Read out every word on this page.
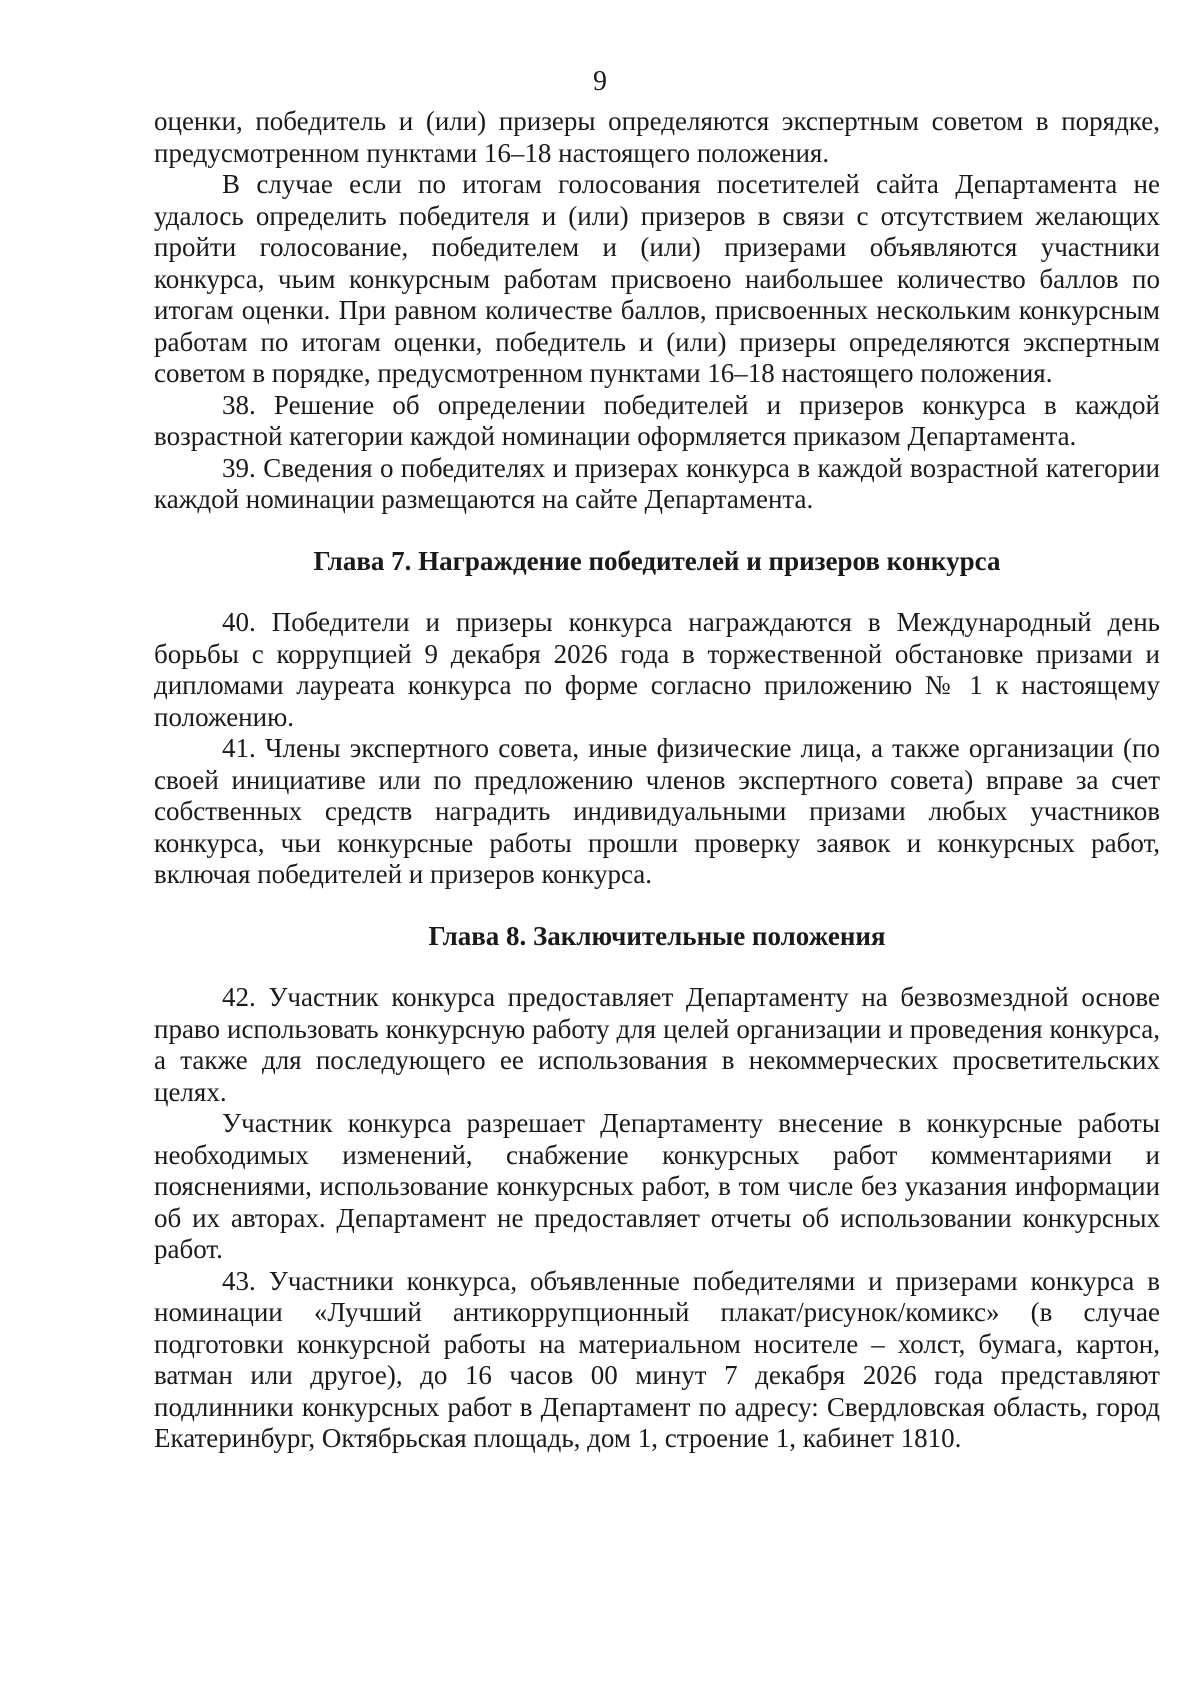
9

оценки, победитель и (или) призеры определяются экспертным советом в порядке, предусмотренном пунктами 16–18 настоящего положения.

В случае если по итогам голосования посетителей сайта Департамента не удалось определить победителя и (или) призеров в связи с отсутствием желающих пройти голосование, победителем и (или) призерами объявляются участники конкурса, чьим конкурсным работам присвоено наибольшее количество баллов по итогам оценки. При равном количестве баллов, присвоенных нескольким конкурсным работам по итогам оценки, победитель и (или) призеры определяются экспертным советом в порядке, предусмотренном пунктами 16–18 настоящего положения.

38. Решение об определении победителей и призеров конкурса в каждой возрастной категории каждой номинации оформляется приказом Департамента.

39. Сведения о победителях и призерах конкурса в каждой возрастной категории каждой номинации размещаются на сайте Департамента.

Глава 7. Награждение победителей и призеров конкурса

40. Победители и призеры конкурса награждаются в Международный день борьбы с коррупцией 9 декабря 2026 года в торжественной обстановке призами и дипломами лауреата конкурса по форме согласно приложению № 1 к настоящему положению.

41. Члены экспертного совета, иные физические лица, а также организации (по своей инициативе или по предложению членов экспертного совета) вправе за счет собственных средств наградить индивидуальными призами любых участников конкурса, чьи конкурсные работы прошли проверку заявок и конкурсных работ, включая победителей и призеров конкурса.

Глава 8. Заключительные положения

42. Участник конкурса предоставляет Департаменту на безвозмездной основе право использовать конкурсную работу для целей организации и проведения конкурса, а также для последующего ее использования в некоммерческих просветительских целях.

Участник конкурса разрешает Департаменту внесение в конкурсные работы необходимых изменений, снабжение конкурсных работ комментариями и пояснениями, использование конкурсных работ, в том числе без указания информации об их авторах. Департамент не предоставляет отчеты об использовании конкурсных работ.

43. Участники конкурса, объявленные победителями и призерами конкурса в номинации «Лучший антикоррупционный плакат/рисунок/комикс» (в случае подготовки конкурсной работы на материальном носителе – холст, бумага, картон, ватман или другое), до 16 часов 00 минут 7 декабря 2026 года представляют подлинники конкурсных работ в Департамент по адресу: Свердловская область, город Екатеринбург, Октябрьская площадь, дом 1, строение 1, кабинет 1810.
